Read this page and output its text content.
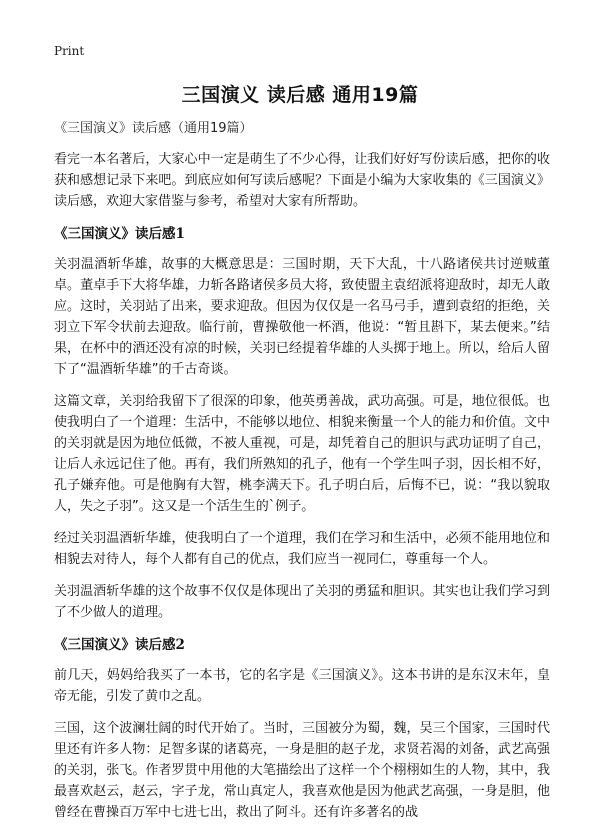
Print
三国演义 读后感 通用19篇

《三国演义》读后感（通用19篇）

看完一本名著后，大家心中一定是萌生了不少心得，让我们好好写份读后感，把你的收获和感想记录下来吧。到底应如何写读后感呢？下面是小编为大家收集的《三国演义》读后感，欢迎大家借鉴与参考，希望对大家有所帮助。

《三国演义》读后感1

关羽温酒斩华雄，故事的大概意思是：三国时期，天下大乱，十八路诸侯共讨逆贼董卓。董卓手下大将华雄，力斩各路诸侯多员大将，致使盟主袁绍派将迎敌时，却无人敢应。这时，关羽站了出来，要求迎敌。但因为仅仅是一名马弓手，遭到袁绍的拒绝，关羽立下军令状前去迎敌。临行前，曹操敬他一杯酒，他说：“暂且斟下，某去便来。”结果，在杯中的酒还没有凉的时候，关羽已经提着华雄的人头掷于地上。所以，给后人留下了“温酒斩华雄”的千古奇谈。

这篇文章，关羽给我留下了很深的印象，他英勇善战，武功高强。可是，地位很低。也使我明白了一个道理：生活中，不能够以地位、相貌来衡量一个人的能力和价值。文中的关羽就是因为地位低微，不被人重视，可是，却凭着自己的胆识与武功证明了自己，让后人永远记住了他。再有，我们所熟知的孔子，他有一个学生叫子羽，因长相不好，孔子嫌弃他。可是他胸有大智，桃李满天下。孔子明白后，后悔不已，说：“我以貌取人，失之子羽”。这又是一个活生生的`例子。

经过关羽温酒斩华雄，使我明白了一个道理，我们在学习和生活中，必须不能用地位和相貌去对待人，每个人都有自己的优点，我们应当一视同仁，尊重每一个人。

关羽温酒斩华雄的这个故事不仅仅是体现出了关羽的勇猛和胆识。其实也让我们学习到了不少做人的道理。

《三国演义》读后感2

前几天，妈妈给我买了一本书，它的名字是《三国演义》。这本书讲的是东汉末年，皇帝无能，引发了黄巾之乱。

三国，这个波澜壮阔的时代开始了。当时，三国被分为蜀，魏，吴三个国家，三国时代里还有许多人物：足智多谋的诸葛亮，一身是胆的赵子龙，求贤若渴的刘备，武艺高强的关羽，张飞。作者罗贯中用他的大笔描绘出了这样一个个栩栩如生的人物，其中，我最喜欢赵云，赵云，字子龙，常山真定人，我喜欢他是因为他武艺高强，一身是胆，他曾经在曹操百万军中七进七出，救出了阿斗。还有许多著名的战
